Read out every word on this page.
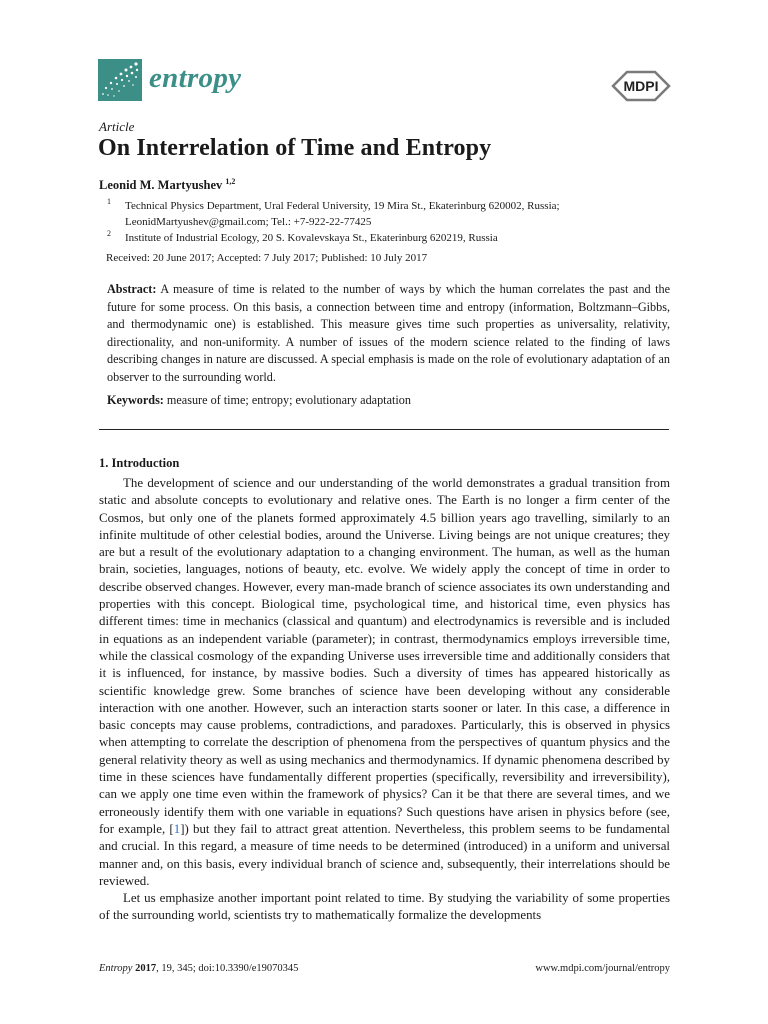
entropy	MDPI
Article
On Interrelation of Time and Entropy
Leonid M. Martyushev $^{1,2}$
1 Technical Physics Department, Ural Federal University, 19 Mira St., Ekaterinburg 620002, Russia;
LeonidMartyushev@gmail.com; Tel.: +7-922-22-77425
2 Institute of Industrial Ecology, 20 S. Kovalevskaya St., Ekaterinburg 620219, Russia
Received: 20 June 2017; Accepted: 7 July 2017; Published: 10 July 2017
Abstract: A measure of time is related to the number of ways by which the human correlates the past and the future for some process. On this basis, a connection between time and entropy (information, Boltzmann–Gibbs, and thermodynamic one) is established. This measure gives time such properties as universality, relativity, directionality, and non-uniformity. A number of issues of the modern science related to the finding of laws describing changes in nature are discussed. A special emphasis is made on the role of evolutionary adaptation of an observer to the surrounding world.
Keywords: measure of time; entropy; evolutionary adaptation
1. Introduction

The development of science and our understanding of the world demonstrates a gradual transition from static and absolute concepts to evolutionary and relative ones. The Earth is no longer a firm center of the Cosmos, but only one of the planets formed approximately 4.5 billion years ago travelling, similarly to an infinite multitude of other celestial bodies, around the Universe. Living beings are not unique creatures; they are but a result of the evolutionary adaptation to a changing environment. The human, as well as the human brain, societies, languages, notions of beauty, etc. evolve. We widely apply the concept of time in order to describe observed changes. However, every man-made branch of science associates its own understanding and properties with this concept. Biological time, psychological time, and historical time, even physics has different times: time in mechanics (classical and quantum) and electrodynamics is reversible and is included in equations as an independent variable (parameter); in contrast, thermodynamics employs irreversible time, while the classical cosmology of the expanding Universe uses irreversible time and additionally considers that it is influenced, for instance, by massive bodies. Such a diversity of times has appeared historically as scientific knowledge grew. Some branches of science have been developing without any considerable interaction with one another. However, such an interaction starts sooner or later. In this case, a difference in basic concepts may cause problems, contradictions, and paradoxes. Particularly, this is observed in physics when attempting to correlate the description of phenomena from the perspectives of quantum physics and the general relativity theory as well as using mechanics and thermodynamics. If dynamic phenomena described by time in these sciences have fundamentally different properties (specifically, reversibility and irreversibility), can we apply one time even within the framework of physics? Can it be that there are several times, and we erroneously identify them with one variable in equations? Such questions have arisen in physics before (see, for example, [1]) but they fail to attract great attention. Nevertheless, this problem seems to be fundamental and crucial. In this regard, a measure of time needs to be determined (introduced) in a uniform and universal manner and, on this basis, every individual branch of science and, subsequently, their interrelations should be reviewed.

Let us emphasize another important point related to time. By studying the variability of some properties of the surrounding world, scientists try to mathematically formalize the developments

Entropy 2017, 19, 345; doi:10.3390/e19070345	www.mdpi.com/journal/entropy
